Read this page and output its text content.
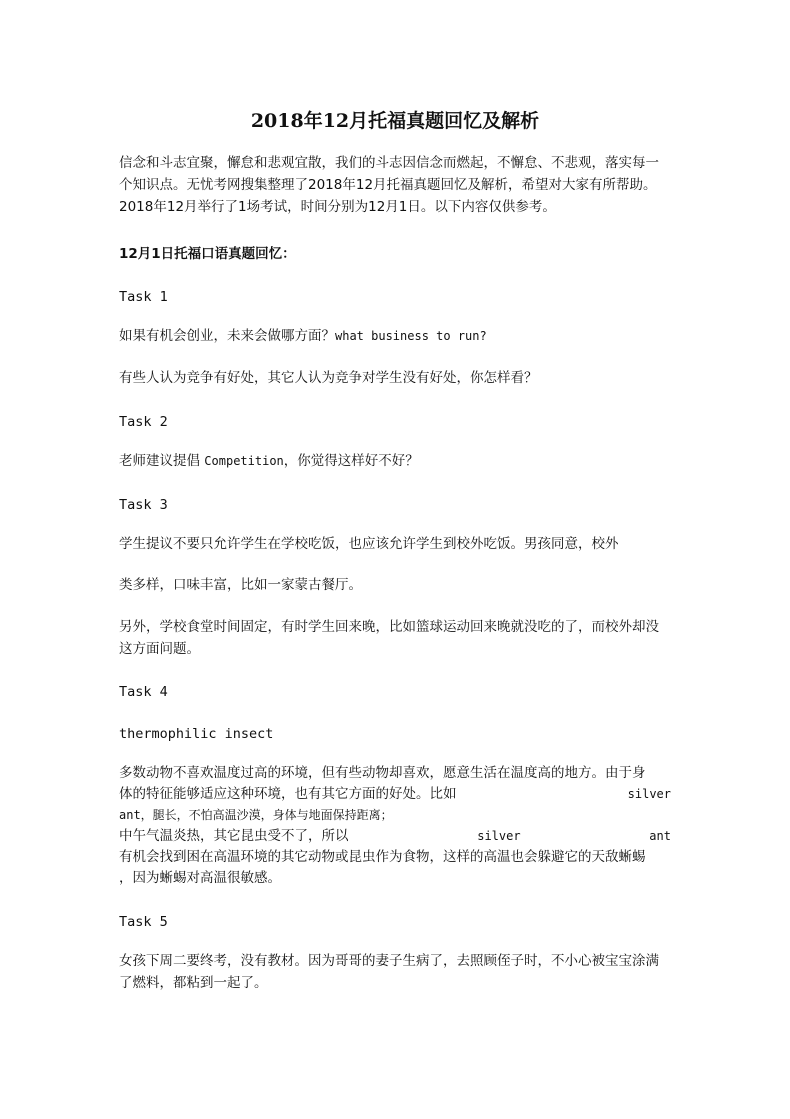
2018年12月托福真题回忆及解析
信念和斗志宜聚，懈怠和悲观宜散，我们的斗志因信念而燃起，不懈怠、不悲观，落实每一个知识点。无忧考网搜集整理了2018年12月托福真题回忆及解析，希望对大家有所帮助。2018年12月举行了1场考试，时间分别为12月1日。以下内容仅供参考。
12月1日托福口语真题回忆：
Task 1
如果有机会创业，未来会做哪方面？what business to run?
有些人认为竞争有好处，其它人认为竞争对学生没有好处，你怎样看？
Task 2
老师建议提倡 Competition，你觉得这样好不好？
Task 3
学生提议不要只允许学生在学校吃饭，也应该允许学生到校外吃饭。男孩同意，校外
类多样，口味丰富，比如一家蒙古餐厅。
另外，学校食堂时间固定，有时学生回来晚，比如篮球运动回来晚就没吃的了，而校外却没这方面问题。
Task 4
thermophilic insect
多数动物不喜欢温度过高的环境，但有些动物却喜欢，愿意生活在温度高的地方。由于身
体的特征能够适应这种环境，也有其它方面的好处。比如	silver
ant，腿长，不怕高温沙漠，身体与地面保持距离；
中午气温炎热，其它昆虫受不了，所以	silver	ant
有机会找到困在高温环境的其它动物或昆虫作为食物，这样的高温也会躲避它的天敌蜥蜴
，因为蜥蜴对高温很敏感。
Task 5
女孩下周二要终考，没有教材。因为哥哥的妻子生病了，去照顾侄子时，不小心被宝宝涂满了燃料，都粘到一起了。
